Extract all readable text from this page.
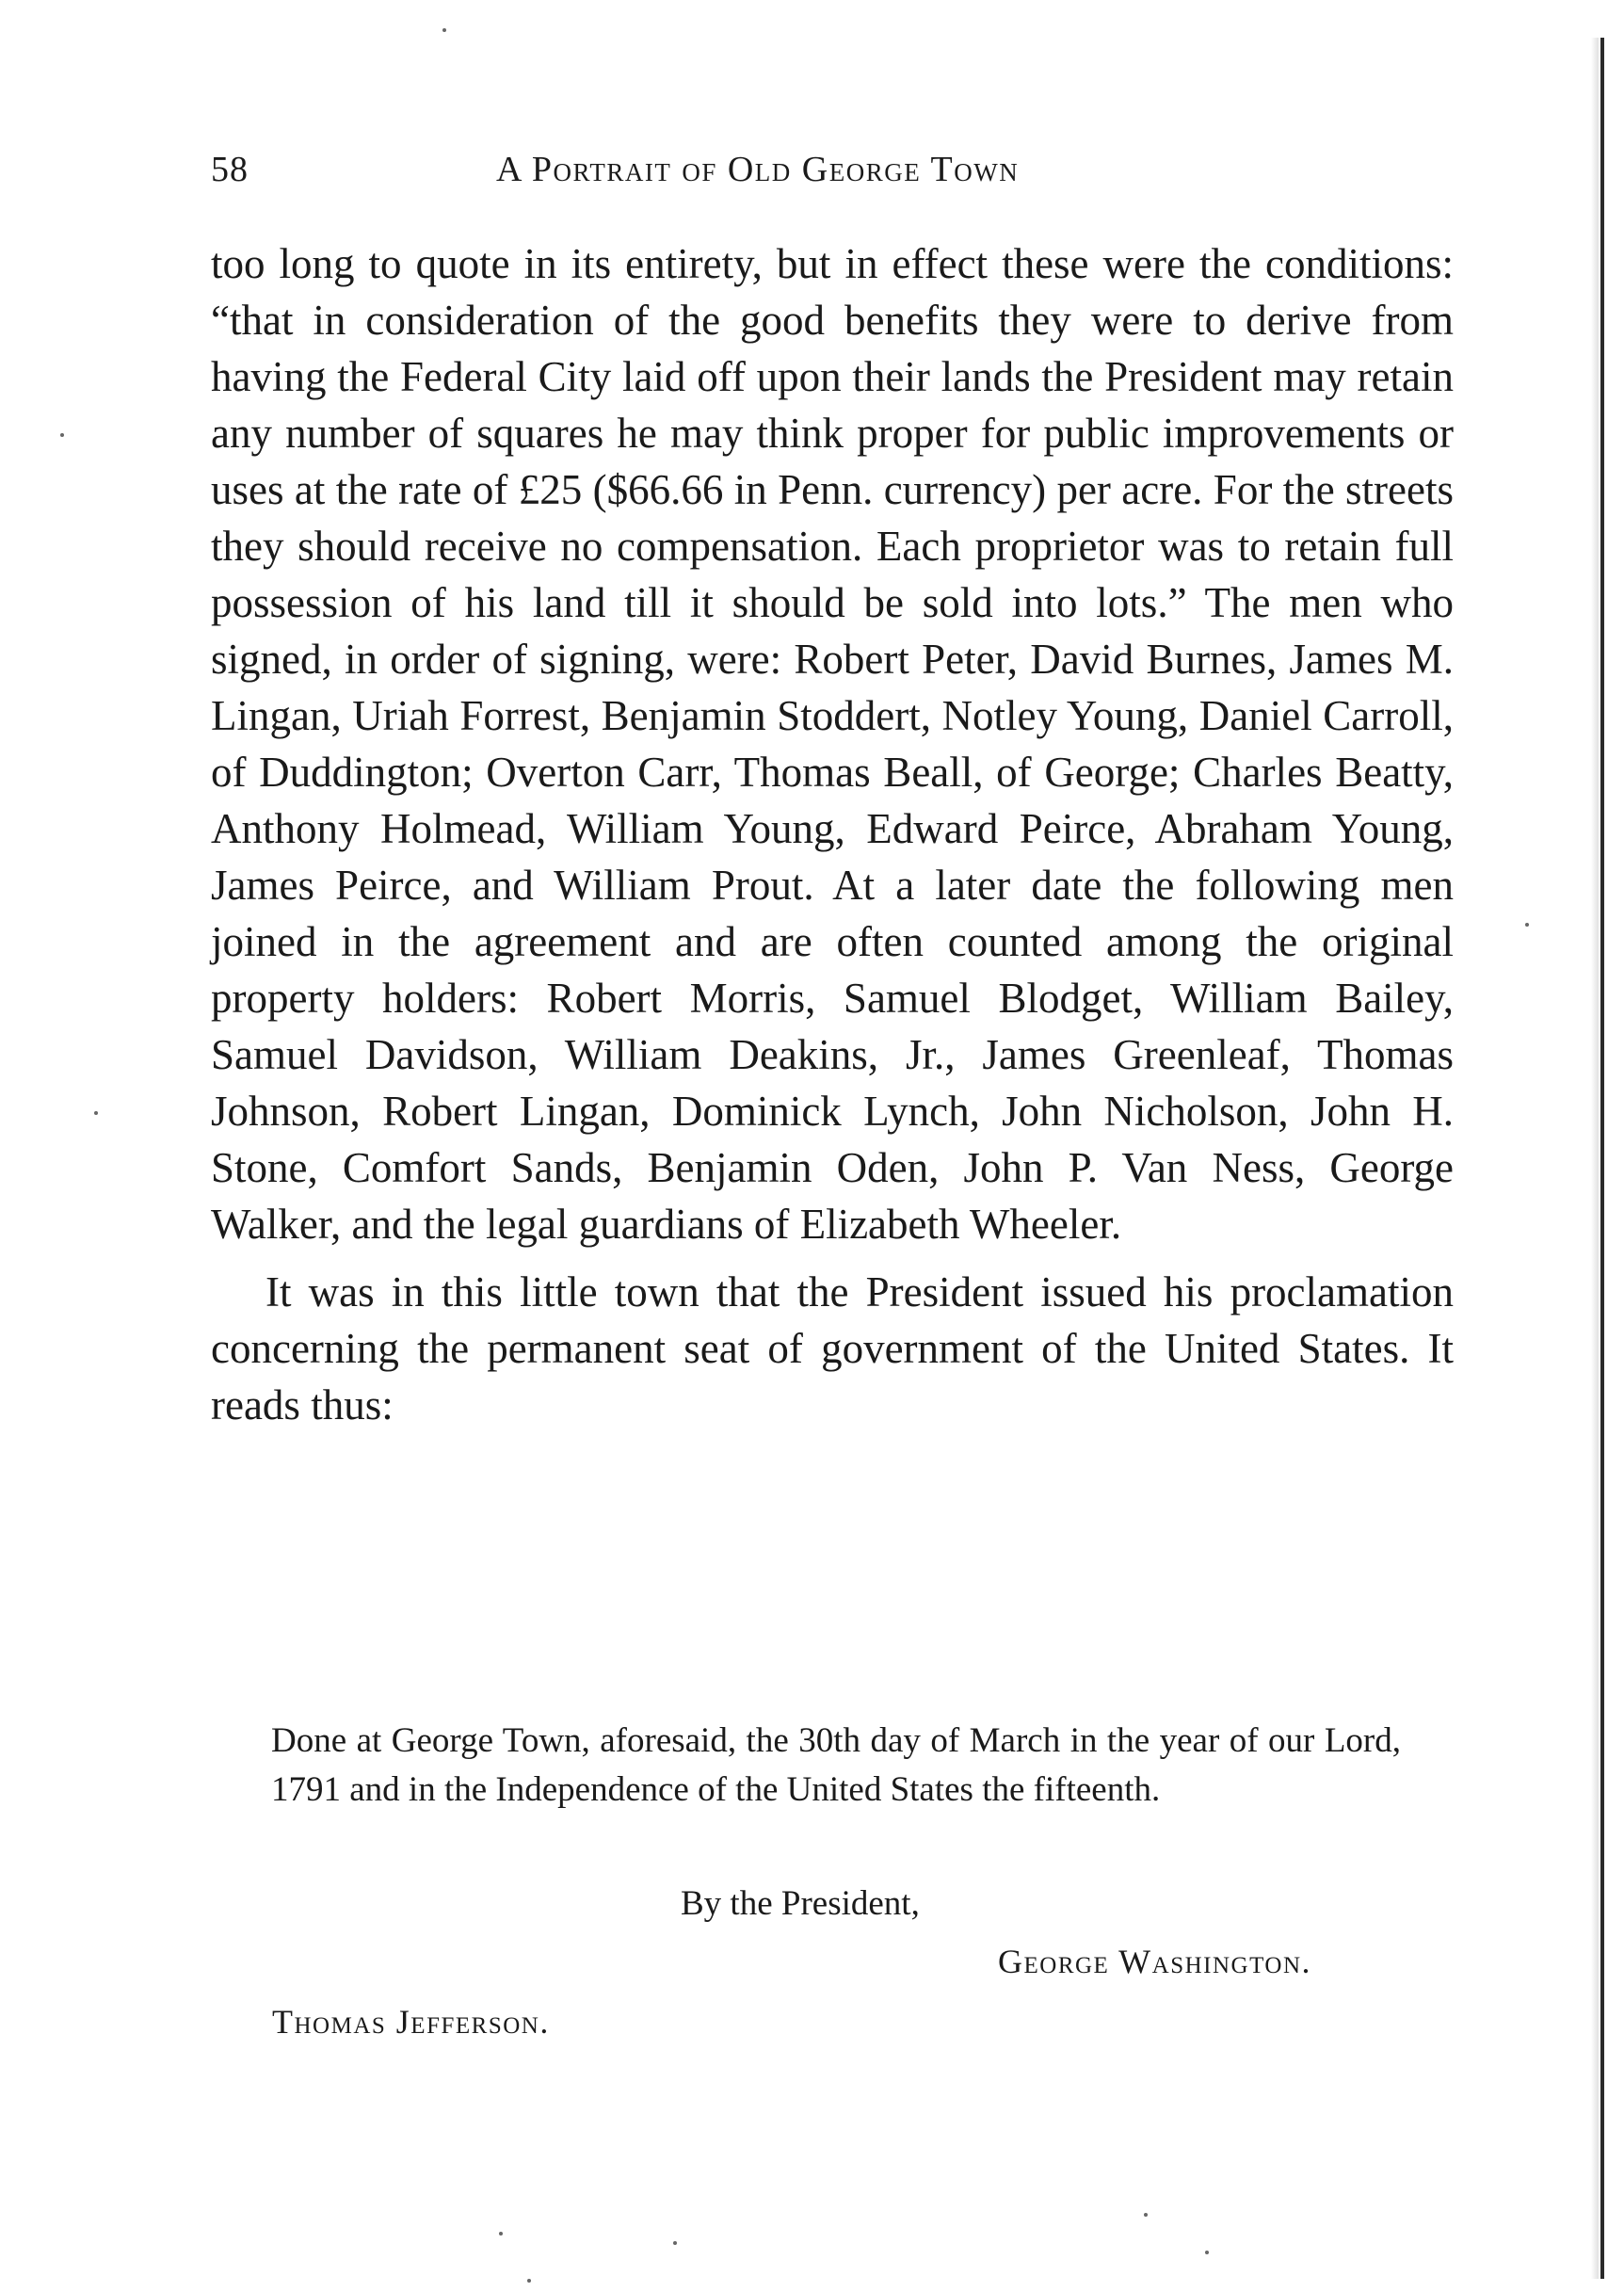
58	A Portrait of Old George Town

too long to quote in its entirety, but in effect these were the conditions: “that in consideration of the good benefits they were to derive from having the Federal City laid off upon their lands the President may retain any number of squares he may think proper for public improvements or uses at the rate of £25 ($66.66 in Penn. currency) per acre. For the streets they should receive no compensation. Each proprietor was to retain full possession of his land till it should be sold into lots.” The men who signed, in order of signing, were: Robert Peter, David Burnes, James M. Lingan, Uriah Forrest, Benjamin Stoddert, Notley Young, Daniel Carroll, of Duddington; Overton Carr, Thomas Beall, of George; Charles Beatty, Anthony Holmead, William Young, Edward Peirce, Abraham Young, James Peirce, and William Prout. At a later date the following men joined in the agreement and are often counted among the original property holders: Robert Morris, Samuel Blodget, William Bailey, Samuel Davidson, William Deakins, Jr., James Greenleaf, Thomas Johnson, Robert Lingan, Dominick Lynch, John Nicholson, John H. Stone, Comfort Sands, Benjamin Oden, John P. Van Ness, George Walker, and the legal guardians of Elizabeth Wheeler.

It was in this little town that the President issued his proclamation concerning the permanent seat of government of the United States. It reads thus:

Done at George Town, aforesaid, the 30th day of March in the year of our Lord, 1791 and in the Independence of the United States the fifteenth.

By the President,
George Washington.
Thomas Jefferson.
